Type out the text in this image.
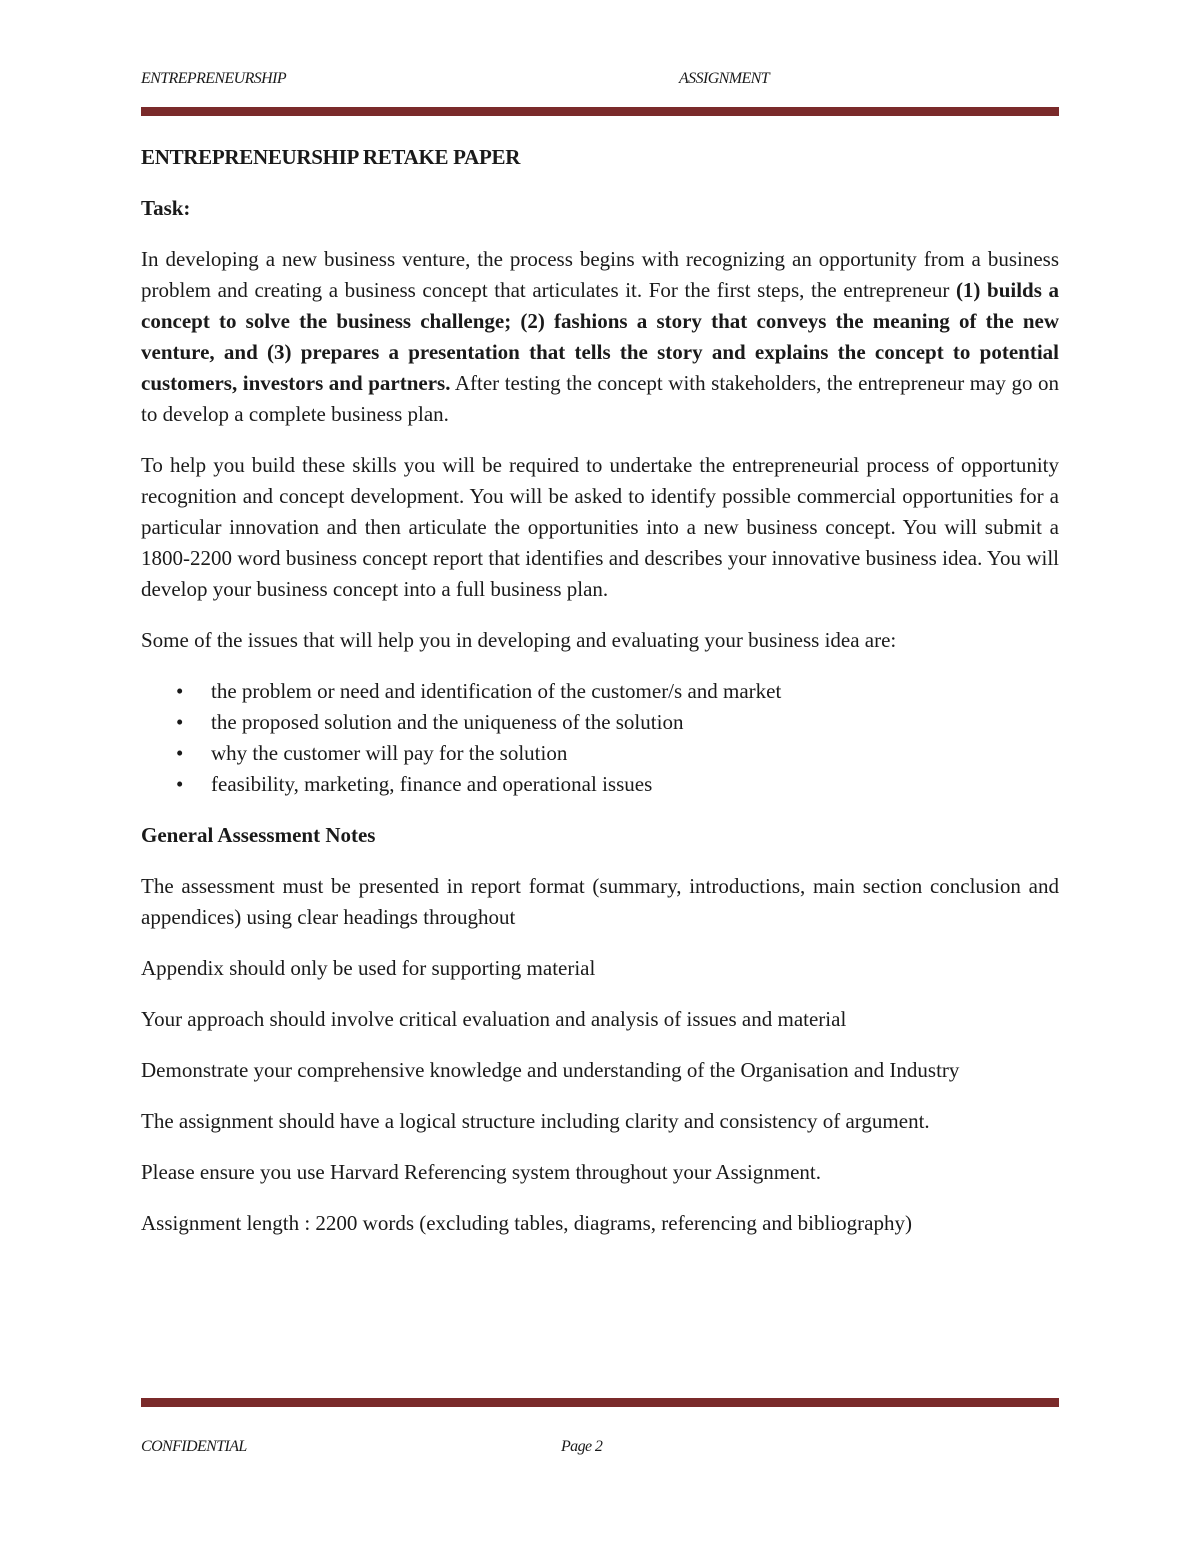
ENTREPRENEURSHIP	ASSIGNMENT
ENTREPRENEURSHIP RETAKE PAPER
Task:

In developing a new business venture, the process begins with recognizing an opportunity from a business problem and creating a business concept that articulates it. For the first steps, the entrepreneur (1) builds a concept to solve the business challenge; (2) fashions a story that conveys the meaning of the new venture, and (3) prepares a presentation that tells the story and explains the concept to potential customers, investors and partners. After testing the concept with stakeholders, the entrepreneur may go on to develop a complete business plan.

To help you build these skills you will be required to undertake the entrepreneurial process of opportunity recognition and concept development. You will be asked to identify possible commercial opportunities for a particular innovation and then articulate the opportunities into a new business concept. You will submit a 1800-2200 word business concept report that identifies and describes your innovative business idea. You will develop your business concept into a full business plan.

Some of the issues that will help you in developing and evaluating your business idea are:

• the problem or need and identification of the customer/s and market
• the proposed solution and the uniqueness of the solution
• why the customer will pay for the solution
• feasibility, marketing, finance and operational issues
General Assessment Notes

The assessment must be presented in report format (summary, introductions, main section conclusion and appendices) using clear headings throughout

Appendix should only be used for supporting material

Your approach should involve critical evaluation and analysis of issues and material

Demonstrate your comprehensive knowledge and understanding of the Organisation and Industry

The assignment should have a logical structure including clarity and consistency of argument.

Please ensure you use Harvard Referencing system throughout your Assignment.

Assignment length : 2200 words (excluding tables, diagrams, referencing and bibliography)

CONFIDENTIAL	Page 2
